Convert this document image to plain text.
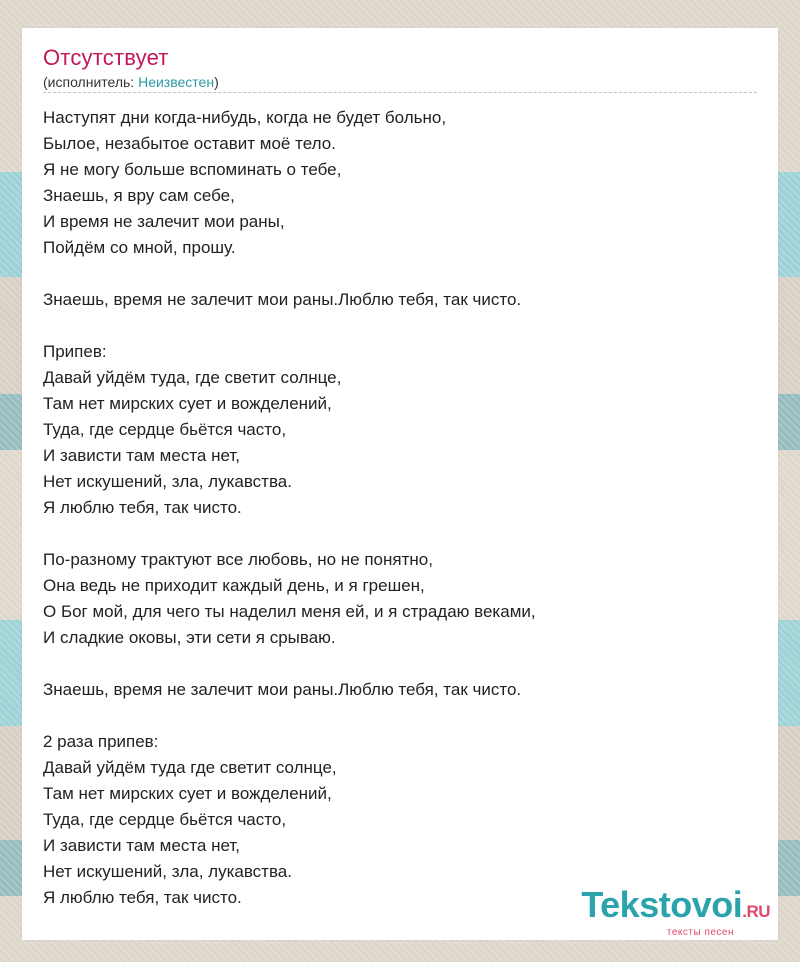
Отсутствует
(исполнитель: Неизвестен)
Наступят дни когда-нибудь, когда не будет больно,
Былое, незабытое оставит моё тело.
Я не могу больше вспоминать о тебе,
Знаешь, я вру сам себе,
И время не залечит мои раны,
Пойдём со мной, прошу.

Знаешь, время не залечит мои раны.Люблю тебя, так чисто.

Припев:
Давай уйдём туда, где светит солнце,
Там нет мирских сует и вожделений,
Туда, где сердце бьётся часто,
И зависти там места нет,
Нет искушений, зла, лукавства.
Я люблю тебя, так чисто.

По-разному трактуют все любовь, но не понятно,
Она ведь не приходит каждый день, и я грешен,
О Бог мой, для чего ты наделил меня ей, и я страдаю веками,
И сладкие оковы, эти сети я срываю.

Знаешь, время не залечит мои раны.Люблю тебя, так чисто.

2 раза припев:
Давай уйдём туда где светит солнце,
Там нет мирских сует и вожделений,
Туда, где сердце бьётся часто,
И зависти там места нет,
Нет искушений, зла, лукавства.
Я люблю тебя, так чисто.	Tekstovoi.RU
тексты песен
